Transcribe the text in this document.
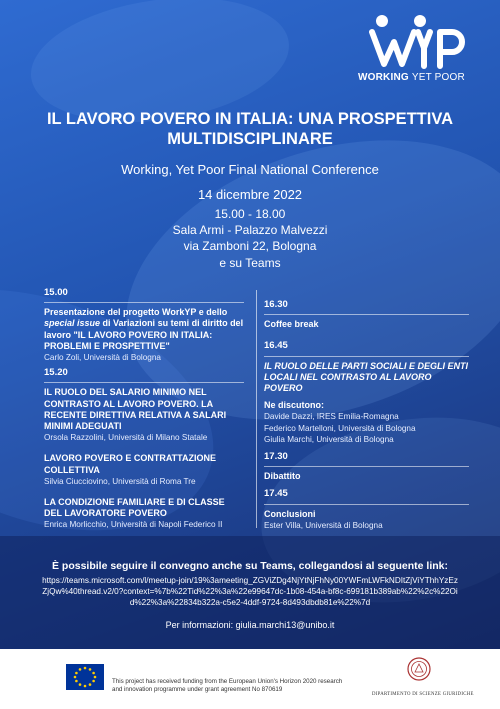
WORKING YET POOR
IL LAVORO POVERO IN ITALIA: UNA PROSPETTIVA MULTIDISCIPLINARE
Working, Yet Poor Final National Conference
14 dicembre 2022
15.00 - 18.00
Sala Armi - Palazzo Malvezzi
via Zamboni 22, Bologna
e su Teams
15.00
Presentazione del progetto WorkYP e dello special issue di Variazioni su temi di diritto del lavoro "IL LAVORO POVERO IN ITALIA: PROBLEMI E PROSPETTIVE"
Carlo Zoli, Università di Bologna
15.20
IL RUOLO DEL SALARIO MINIMO NEL CONTRASTO AL LAVORO POVERO. LA RECENTE DIRETTIVA RELATIVA A SALARI MINIMI ADEGUATI
Orsola Razzolini, Università di Milano Statale
LAVORO POVERO E CONTRATTAZIONE COLLETTIVA
Silvia Ciucciovino, Università di Roma Tre
LA CONDIZIONE FAMILIARE E DI CLASSE DEL LAVORATORE POVERO
Enrica Morlicchio, Università di Napoli Federico II
16.30
Coffee break
16.45
IL RUOLO DELLE PARTI SOCIALI E DEGLI ENTI LOCALI NEL CONTRASTO AL LAVORO POVERO
Ne discutono:
Davide Dazzi, IRES Emilia-Romagna
Federico Martelloni, Università di Bologna
Giulia Marchi, Università di Bologna
17.30
Dibattito
17.45
Conclusioni
Ester Villa, Università di Bologna
È possibile seguire il convegno anche su Teams, collegandosi al seguente link:
https://teams.microsoft.com/l/meetup-join/19%3ameeting_ZGViZDg4NjYtNjFhNy00YWFmLWFkNDItZjViYThhYzEzZjQw%40thread.v2/0?context=%7b%22Tid%22%3a%22e99647dc-1b08-454a-bf8c-699181b389ab%22%2c%22Oid%22%3a%22834b322a-c5e2-4ddf-9724-8d493dbdb81e%22%7d
Per informazioni: giulia.marchi13@unibo.it
This project has received funding from the European Union's Horizon 2020 research and innovation programme under grant agreement No 870619
DIPARTIMENTO DI SCIENZE GIURIDICHE
